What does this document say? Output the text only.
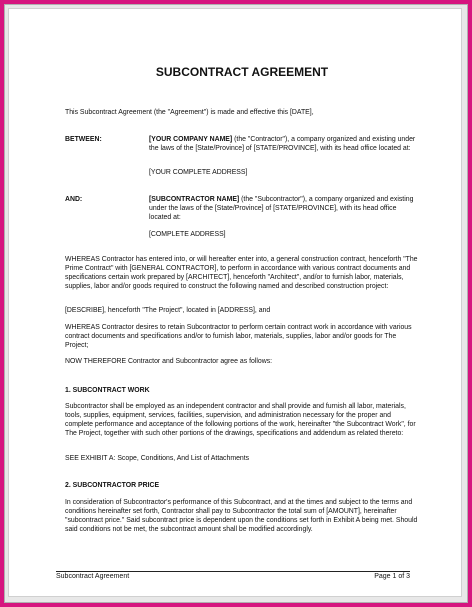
SUBCONTRACT AGREEMENT

This Subcontract Agreement (the "Agreement") is made and effective this [DATE],

BETWEEN:	[YOUR COMPANY NAME] (the "Contractor"), a company organized and existing under the laws of the [State/Province] of [STATE/PROVINCE], with its head office located at:

[YOUR COMPLETE ADDRESS]

AND:	[SUBCONTRACTOR NAME] (the "Subcontractor"), a company organized and existing under the laws of the [State/Province] of [STATE/PROVINCE], with its head office located at:

[COMPLETE ADDRESS]

WHEREAS Contractor has entered into, or will hereafter enter into, a general construction contract, henceforth "The Prime Contract" with [GENERAL CONTRACTOR], to perform in accordance with various contract documents and specifications certain work prepared by [ARCHITECT], henceforth "Architect", and/or to furnish labor, materials, supplies, labor and/or goods required to construct the following named and described construction project:

[DESCRIBE], henceforth "The Project", located in [ADDRESS], and

WHEREAS Contractor desires to retain Subcontractor to perform certain contract work in accordance with various contract documents and specifications and/or to furnish labor, materials, supplies, labor and/or goods for The Project;

NOW THEREFORE Contractor and Subcontractor agree as follows:

1. SUBCONTRACT WORK

Subcontractor shall be employed as an independent contractor and shall provide and furnish all labor, materials, tools, supplies, equipment, services, facilities, supervision, and administration necessary for the proper and complete performance and acceptance of the following portions of the work, hereinafter "the Subcontract Work", for The Project, together with such other portions of the drawings, specifications and addendum as related thereto:

SEE EXHIBIT A: Scope, Conditions, And List of Attachments

2. SUBCONTRACTOR PRICE

In consideration of Subcontractor's performance of this Subcontract, and at the times and subject to the terms and conditions hereinafter set forth, Contractor shall pay to Subcontractor the total sum of [AMOUNT], hereinafter "subcontract price." Said subcontract price is dependent upon the conditions set forth in Exhibit A being met. Should said conditions not be met, the subcontract amount shall be modified accordingly.

Subcontract Agreement	Page 1 of 3
